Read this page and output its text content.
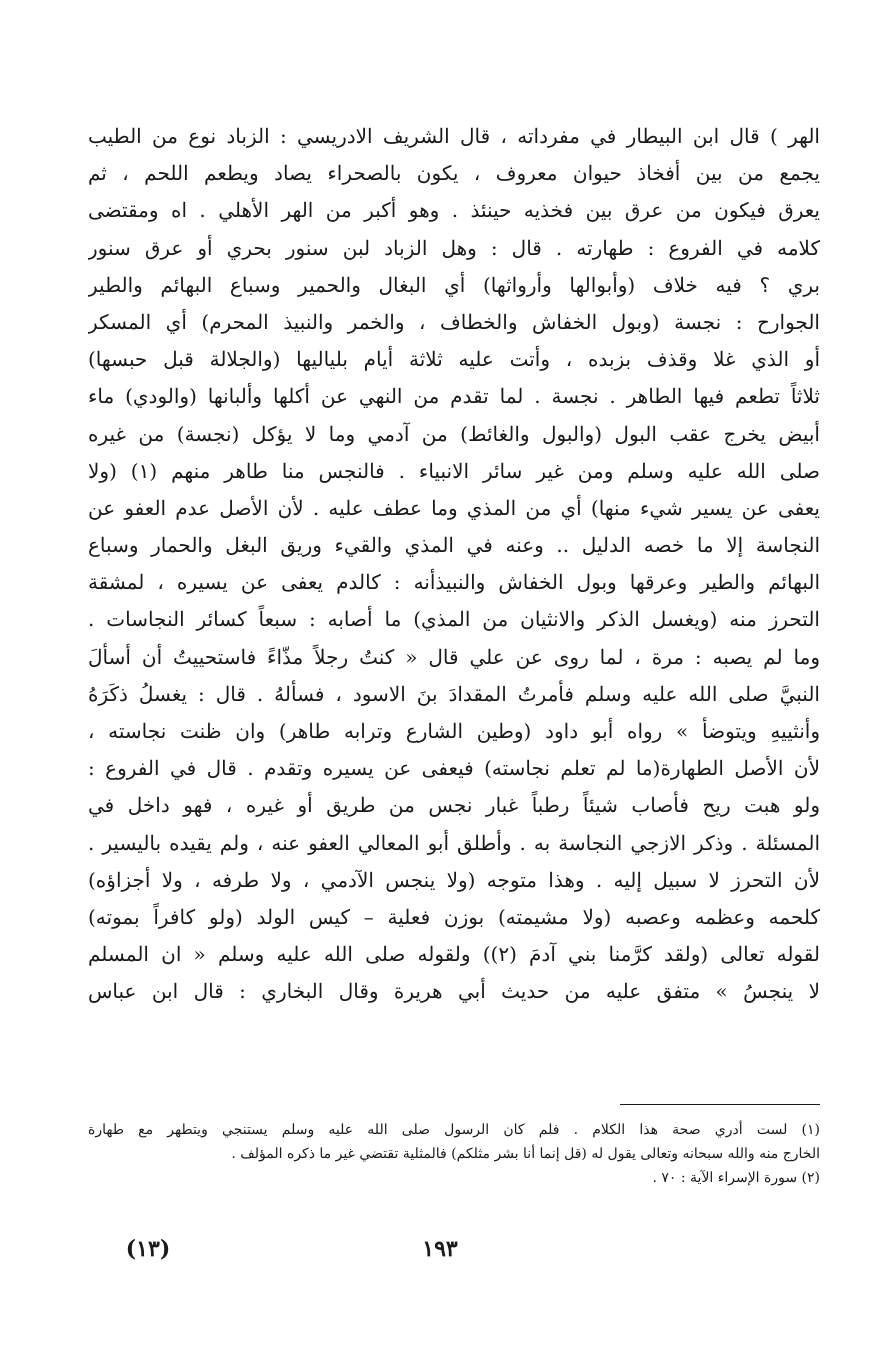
الهر ) قال ابن البيطار في مفرداته ، قال الشريف الادريسي : الزباد نوع من الطيب
يجمع من بين أفخاذ حيوان معروف ، يكون بالصحراء يصاد ويطعم اللحم ، ثم
يعرق فيكون من عرق بين فخذيه حينئذ . وهو أكبر من الهر الأهلي . اه ومقتضى
كلامه في الفروع : طهارته . قال : وهل الزباد لبن سنور بحري أو عرق سنور
بري ؟ فيه خلاف (وأبوالها وأرواثها) أي البغال والحمير وسباع البهائم والطير
الجوارح : نجسة (وبول الخفاش والخطاف ، والخمر والنبيذ المحرم) أي المسكر
أو الذي غلا وقذف بزبده ، وأتت عليه ثلاثة أيام بلياليها (والجلالة قبل حبسها)
ثلاثاً تطعم فيها الطاهر . نجسة . لما تقدم من النهي عن أكلها وألبانها (والودي) ماء
أبيض يخرج عقب البول (والبول والغائط) من آدمي وما لا يؤكل (نجسة) من غيره
صلى الله عليه وسلم ومن غير سائر الانبياء . فالنجس منا طاهر منهم (١) (ولا
يعفى عن يسير شيء منها) أي من المذي وما عطف عليه . لأن الأصل عدم العفو عن
النجاسة إلا ما خصه الدليل .. وعنه في المذي والقيء وريق البغل والحمار وسباع
البهائم والطير وعرقها وبول الخفاش والنبيذأنه : كالدم يعفى عن يسيره ، لمشقة
التحرز منه (ويغسل الذكر والانثيان من المذي) ما أصابه : سبعاً كسائر النجاسات .
وما لم يصبه : مرة ، لما روى عن علي قال « كنتُ رجلاً مذّاءً فاستحييتُ أن أسألَ
النبيَّ صلى الله عليه وسلم فأمرتُ المقدادَ بنَ الاسود ، فسألهُ . قال : يغسلُ ذكَرَهُ
وأنثييهِ ويتوضأ » رواه أبو داود (وطين الشارع وترابه طاهر) وان ظنت نجاسته ،
لأن الأصل الطهارة(ما لم تعلم نجاسته) فيعفى عن يسيره وتقدم . قال في الفروع :
ولو هبت ريح فأصاب شيئاً رطباً غبار نجس من طريق أو غيره ، فهو داخل في
المسئلة . وذكر الازجي النجاسة به . وأطلق أبو المعالي العفو عنه ، ولم يقيده باليسير .
لأن التحرز لا سبيل إليه . وهذا متوجه (ولا ينجس الآدمي ، ولا طرفه ، ولا أجزاؤه)
كلحمه وعظمه وعصبه (ولا مشيمته) بوزن فعلية – كيس الولد (ولو كافراً بموته)
لقوله تعالى (ولقد كرَّمنا بني آدمَ (٢)) ولقوله صلى الله عليه وسلم « ان المسلم
لا ينجسُ » متفق عليه من حديث أبي هريرة وقال البخاري : قال ابن عباس
(١) لست أدري صحة هذا الكلام . فلم كان الرسول صلى الله عليه وسلم يستنجي ويتطهر مع طهارة
الخارج منه والله سبحانه وتعالى يقول له (قل إنما أنا بشر مثلكم) فالمثلية تقتضي غير ما ذكره المؤلف .
(٢) سورة الإسراء الآية : ٧٠ .
١٩٣
(١٣)
